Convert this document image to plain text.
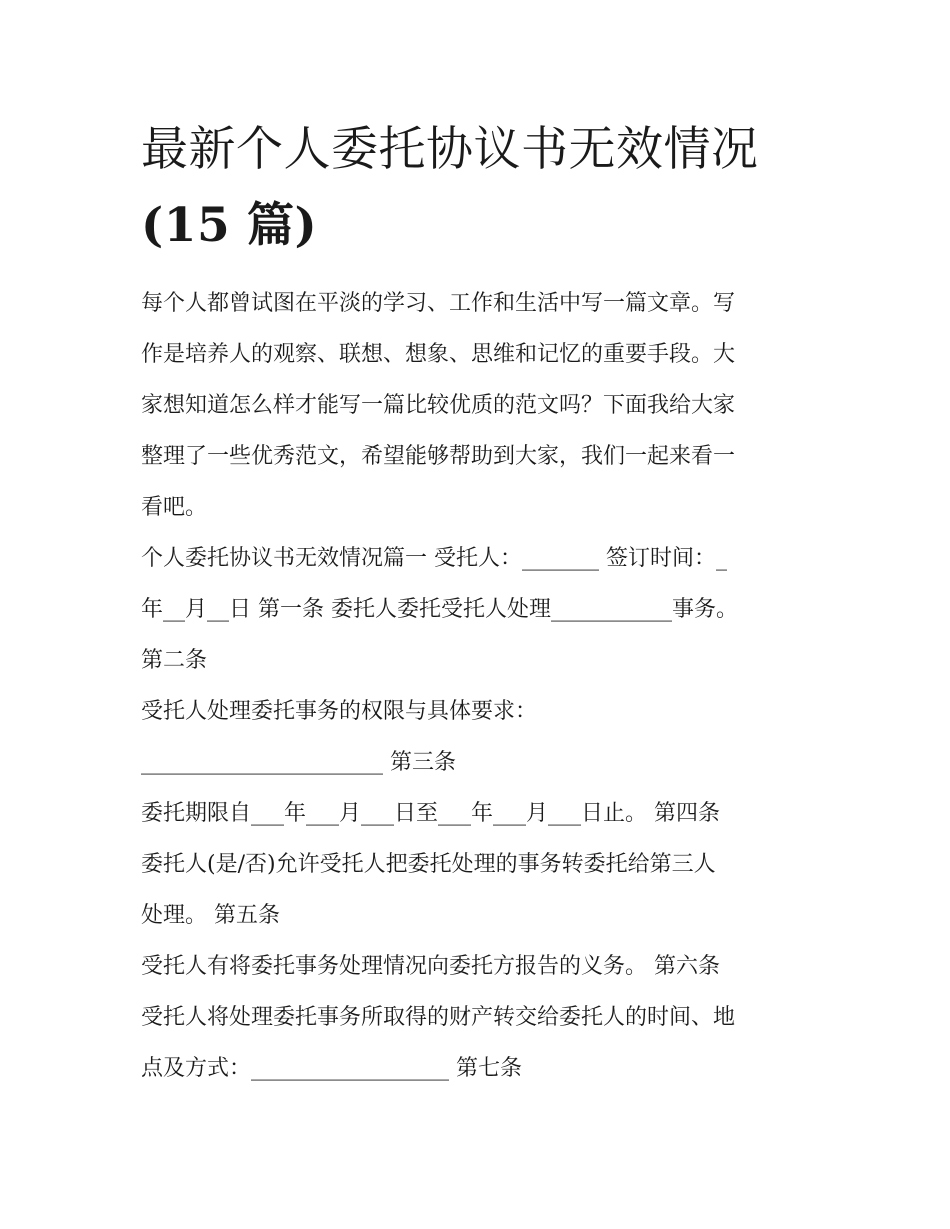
最新个人委托协议书无效情况
(15 篇)

每个人都曾试图在平淡的学习、工作和生活中写一篇文章。写
作是培养人的观察、联想、想象、思维和记忆的重要手段。大
家想知道怎么样才能写一篇比较优质的范文吗？下面我给大家
整理了一些优秀范文，希望能够帮助到大家，我们一起来看一
看吧。

个人委托协议书无效情况篇一 受托人：_______ 签订时间：_
年__月__日 第一条 委托人委托受托人处理___________事务。
第二条
受托人处理委托事务的权限与具体要求：
______________________ 第三条
委托期限自___年___月___日至___年___月___日止。 第四条
委托人(是/否)允许受托人把委托处理的事务转委托给第三人
处理。 第五条
受托人有将委托事务处理情况向委托方报告的义务。 第六条
受托人将处理委托事务所取得的财产转交给委托人的时间、地
点及方式：__________________ 第七条
